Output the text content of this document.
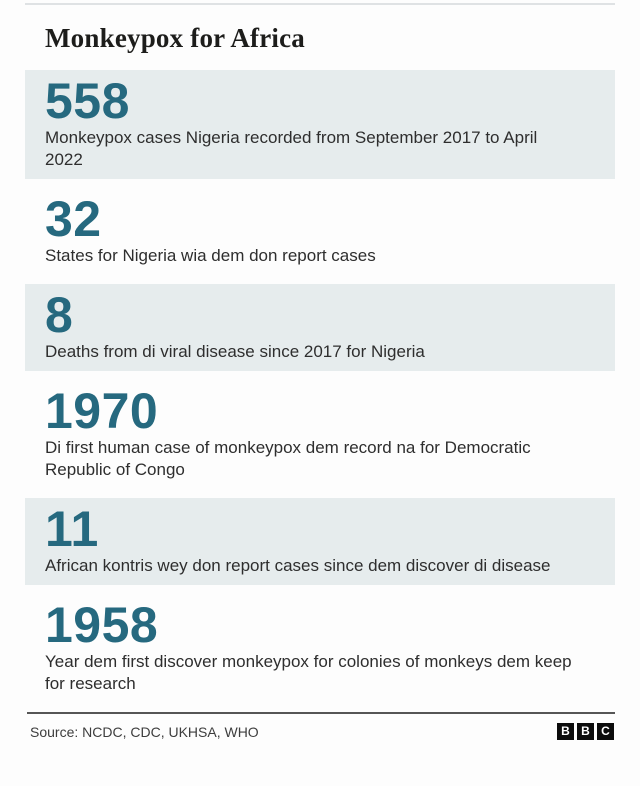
Monkeypox for Africa
558

Monkeypox cases Nigeria recorded from September 2017 to April 2022

32

States for Nigeria wia dem don report cases

8

Deaths from di viral disease since 2017 for Nigeria

1970

Di first human case of monkeypox dem record na for Democratic Republic of Congo

11

African kontris wey don report cases since dem discover di disease

1958

Year dem first discover monkeypox for colonies of monkeys dem keep for research

Source: NCDC, CDC, UKHSA, WHO	B B C
